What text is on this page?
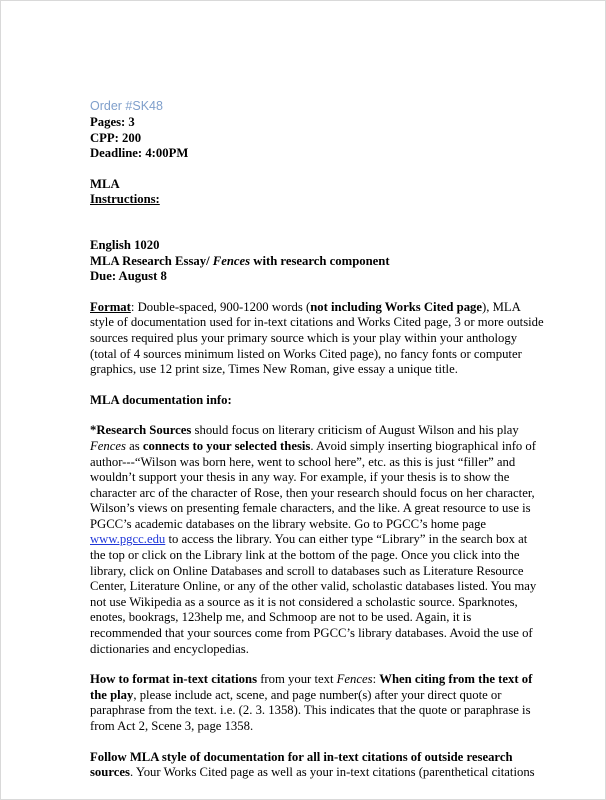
Order #SK48
Pages: 3
CPP: 200
Deadline: 4:00PM
MLA
Instructions:
English 1020
MLA Research Essay/ Fences with research component
Due: August 8
Format: Double-spaced, 900-1200 words (not including Works Cited page), MLA
style of documentation used for in-text citations and Works Cited page, 3 or more outside
sources required plus your primary source which is your play within your anthology
(total of 4 sources minimum listed on Works Cited page), no fancy fonts or computer
graphics, use 12 print size, Times New Roman, give essay a unique title.
MLA documentation info:
*Research Sources should focus on literary criticism of August Wilson and his play
Fences as connects to your selected thesis. Avoid simply inserting biographical info of
author---“Wilson was born here, went to school here”, etc. as this is just “filler” and
wouldn’t support your thesis in any way. For example, if your thesis is to show the
character arc of the character of Rose, then your research should focus on her character,
Wilson’s views on presenting female characters, and the like. A great resource to use is
PGCC’s academic databases on the library website. Go to PGCC’s home page
www.pgcc.edu to access the library. You can either type “Library” in the search box at
the top or click on the Library link at the bottom of the page. Once you click into the
library, click on Online Databases and scroll to databases such as Literature Resource
Center, Literature Online, or any of the other valid, scholastic databases listed. You may
not use Wikipedia as a source as it is not considered a scholastic source. Sparknotes,
enotes, bookrags, 123help me, and Schmoop are not to be used. Again, it is
recommended that your sources come from PGCC’s library databases. Avoid the use of
dictionaries and encyclopedias.
How to format in-text citations from your text Fences: When citing from the text of
the play, please include act, scene, and page number(s) after your direct quote or
paraphrase from the text. i.e. (2. 3. 1358). This indicates that the quote or paraphrase is
from Act 2, Scene 3, page 1358.
Follow MLA style of documentation for all in-text citations of outside research
sources. Your Works Cited page as well as your in-text citations (parenthetical citations
